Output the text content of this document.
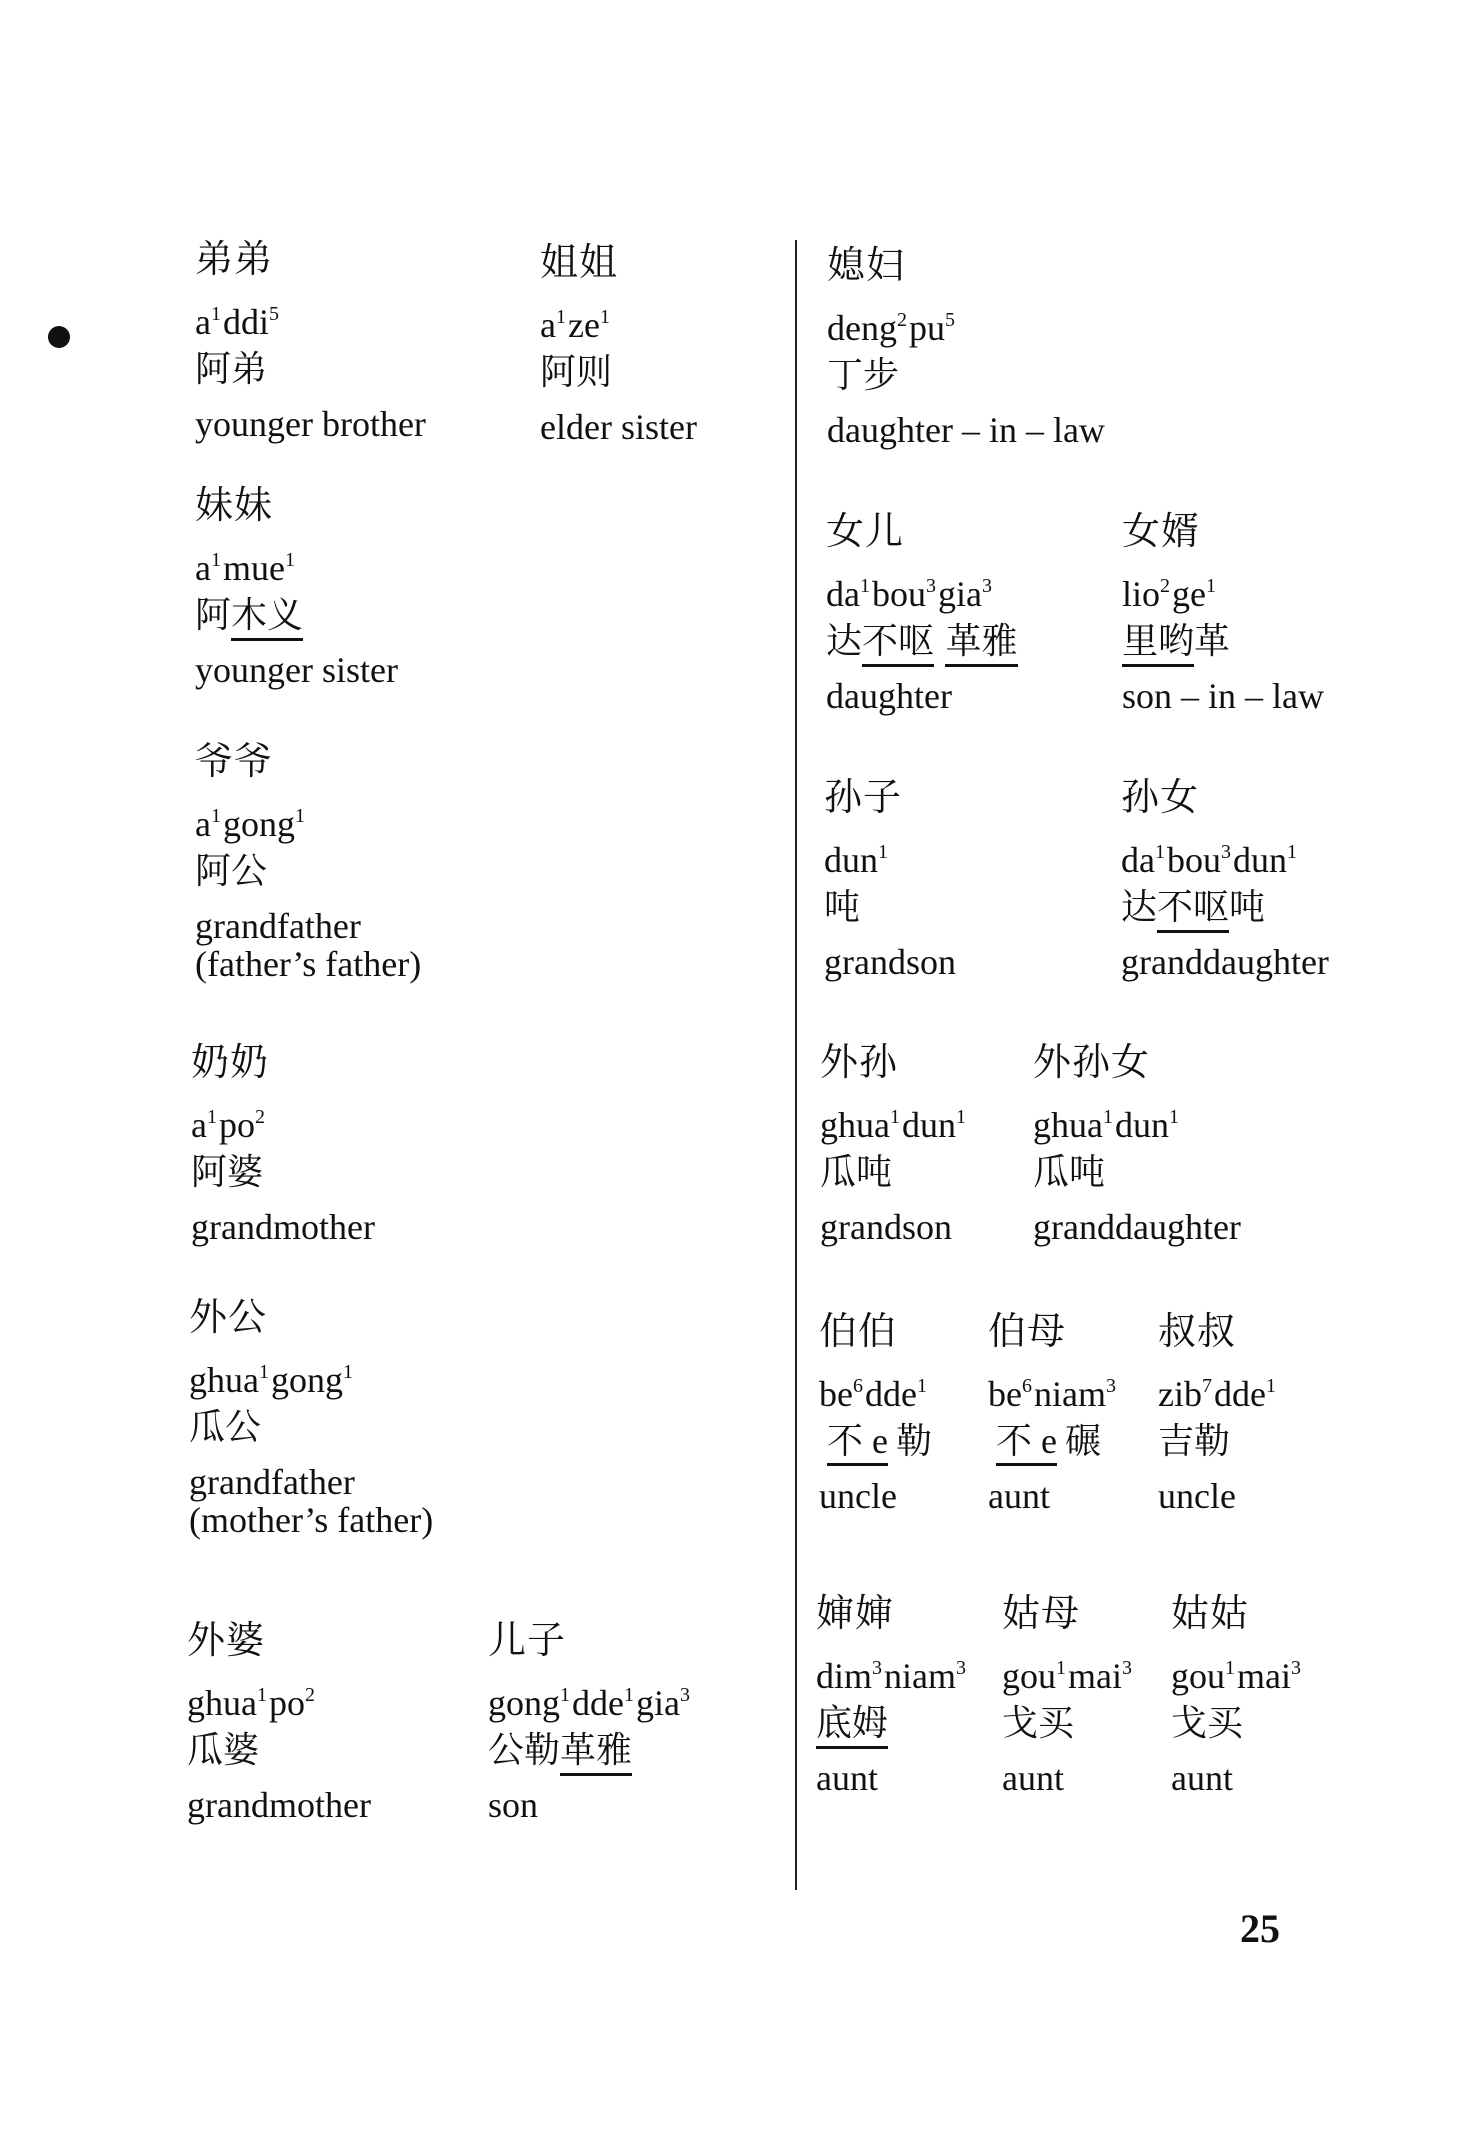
弟弟
$a^1ddi^5$
阿弟
younger brother
姐姐
$a^1ze^1$
阿则
elder sister
妹妹
$a^1mue^1$
阿木义
younger sister
爷爷
$a^1gong^1$
阿公
grandfather
(father’s father)
奶奶
$a^1po^2$
阿婆
grandmother
外公
ghua$^1$gong$^1$
瓜公
grandfather
(mother’s father)
外婆
$ghua^1po^2$
瓜婆
grandmother
儿子
gong$^1$dde$^1$gia$^3$
公勒革雅
son
媳妇
$deng^2pu^5$
丁步
daughter – in – law
女儿
$da^1bou^3gia^3$
达不呕 革雅
daughter
女婿
$lio^2ge^1$
里哟革
son – in – law
孙子
dun$^1$
吨
grandson
孙女
$da^1bou^3dun^1$
达不呕吨
granddaughter
外孙
ghua$^1$dun$^1$
瓜吨
grandson
外孙女
ghua$^1$dun$^1$
瓜吨
granddaughter
伯伯
$be^6dde^1$
不 e 勒
uncle
伯母
$be^6niam^3$
不 e 碾
aunt
叔叔
zib$^7$dde$^1$
吉勒
uncle
婶婶
dim$^3$niam$^3$
底姆
aunt
姑母
gou$^1$mai$^3$
戈买
aunt
姑姑
gou$^1$mai$^3$
戈买
aunt
25
